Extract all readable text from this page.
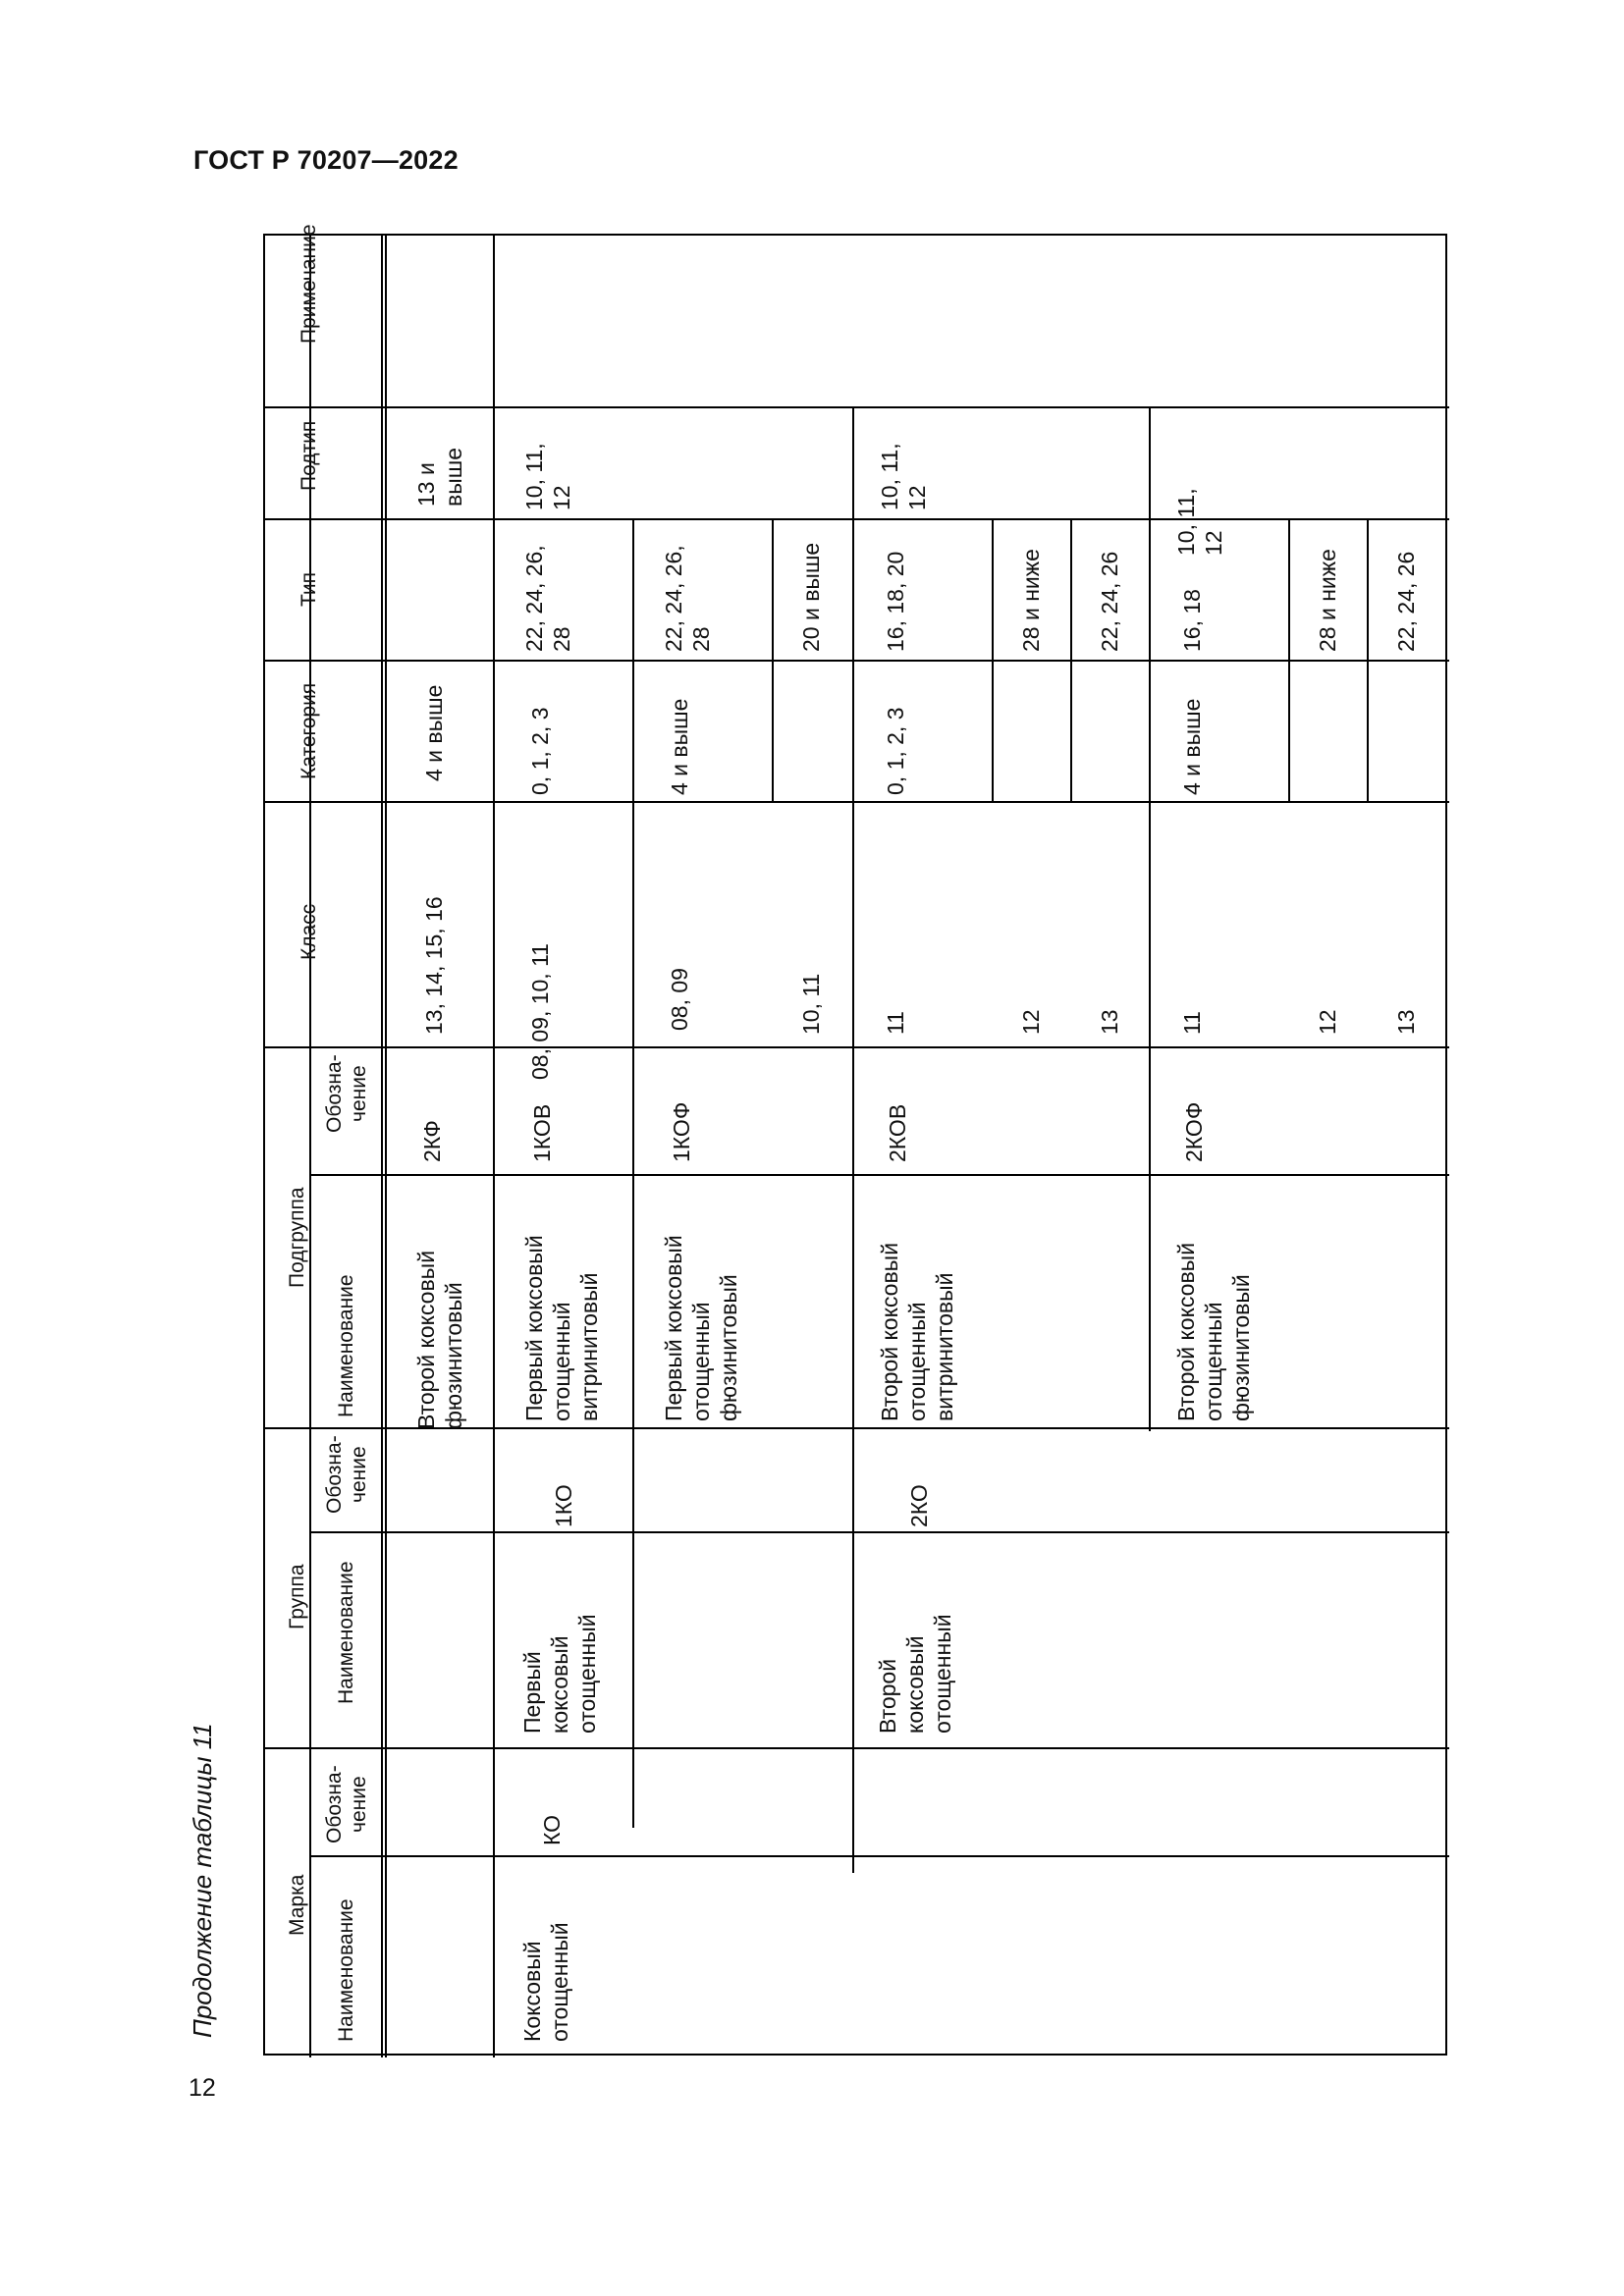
ГОСТ Р 70207—2022
12
Продолжение таблицы 11
Примечание
Подтип
Тип
Категория
Класс
Подгруппа
Обозна-
чение
Наименование
Группа
Обозна-
чение
Наименование
Марка
Обозна-
чение
Наименование
Второй коксовый
фюзинитовый
2КФ
13, 14, 15, 16
4 и выше
13 и
выше
Коксовый
отощенный
КО
Первый
коксовый
отощенный
1КО
Первый коксовый
отощенный
витринитовый
1КОВ
08, 09, 10, 11
0, 1, 2, 3
22, 24, 26,
28
10, 11,
12
Первый коксовый
отощенный
фюзинитовый
1КОФ
08, 09
4 и выше
22, 24, 26,
28
10, 11
20 и выше
Второй
коксовый
отощенный
2КО
Второй коксовый
отощенный
витринитовый
2КОВ
11
0, 1, 2, 3
16, 18, 20
10, 11,
12
12
28 и ниже
13
22, 24, 26
Второй коксовый
отощенный
фюзинитовый
2КОФ
11
4 и выше
16, 18
10, 11,
12
12
28 и ниже
13
22, 24, 26
